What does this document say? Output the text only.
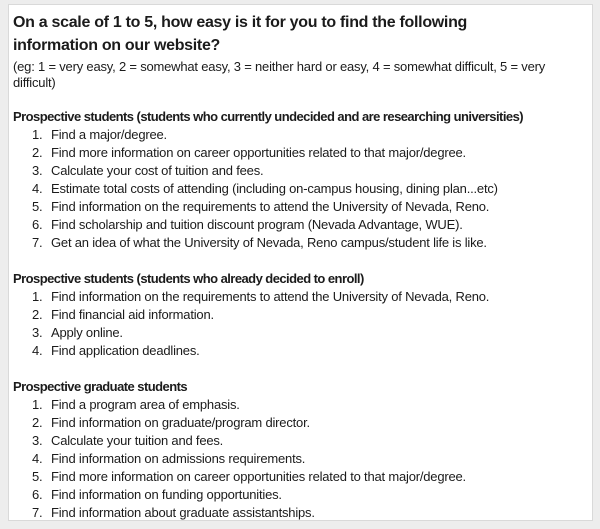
On a scale of 1 to 5, how easy is it for you to find the following
information on our website?
(eg: 1 = very easy, 2 = somewhat easy, 3 = neither hard or easy, 4 = somewhat difficult, 5 = very
difficult)
Prospective students (students who currently undecided and are researching universities)
1. Find a major/degree.
2. Find more information on career opportunities related to that major/degree.
3. Calculate your cost of tuition and fees.
4. Estimate total costs of attending (including on-campus housing, dining plan...etc)
5. Find information on the requirements to attend the University of Nevada, Reno.
6. Find scholarship and tuition discount program (Nevada Advantage, WUE).
7. Get an idea of what the University of Nevada, Reno campus/student life is like.
Prospective students (students who already decided to enroll)
1. Find information on the requirements to attend the University of Nevada, Reno.
2. Find financial aid information.
3. Apply online.
4. Find application deadlines.
Prospective graduate students
1. Find a program area of emphasis.
2. Find information on graduate/program director.
3. Calculate your tuition and fees.
4. Find information on admissions requirements.
5. Find more information on career opportunities related to that major/degree.
6. Find information on funding opportunities.
7. Find information about graduate assistantships.
